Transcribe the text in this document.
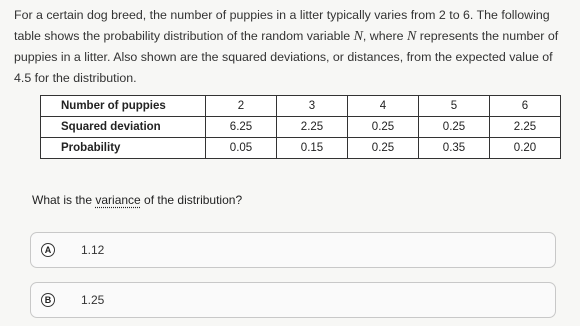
For a certain dog breed, the number of puppies in a litter typically varies from 2 to 6. The following table shows the probability distribution of the random variable N, where N represents the number of puppies in a litter. Also shown are the squared deviations, or distances, from the expected value of 4.5 for the distribution.
Number of puppies	2	3	4	5	6
Squared deviation	6.25	2.25	0.25	0.25	2.25
Probability	0.05	0.15	0.25	0.35	0.20
What is the variance of the distribution?
A	1.12
B	1.25
